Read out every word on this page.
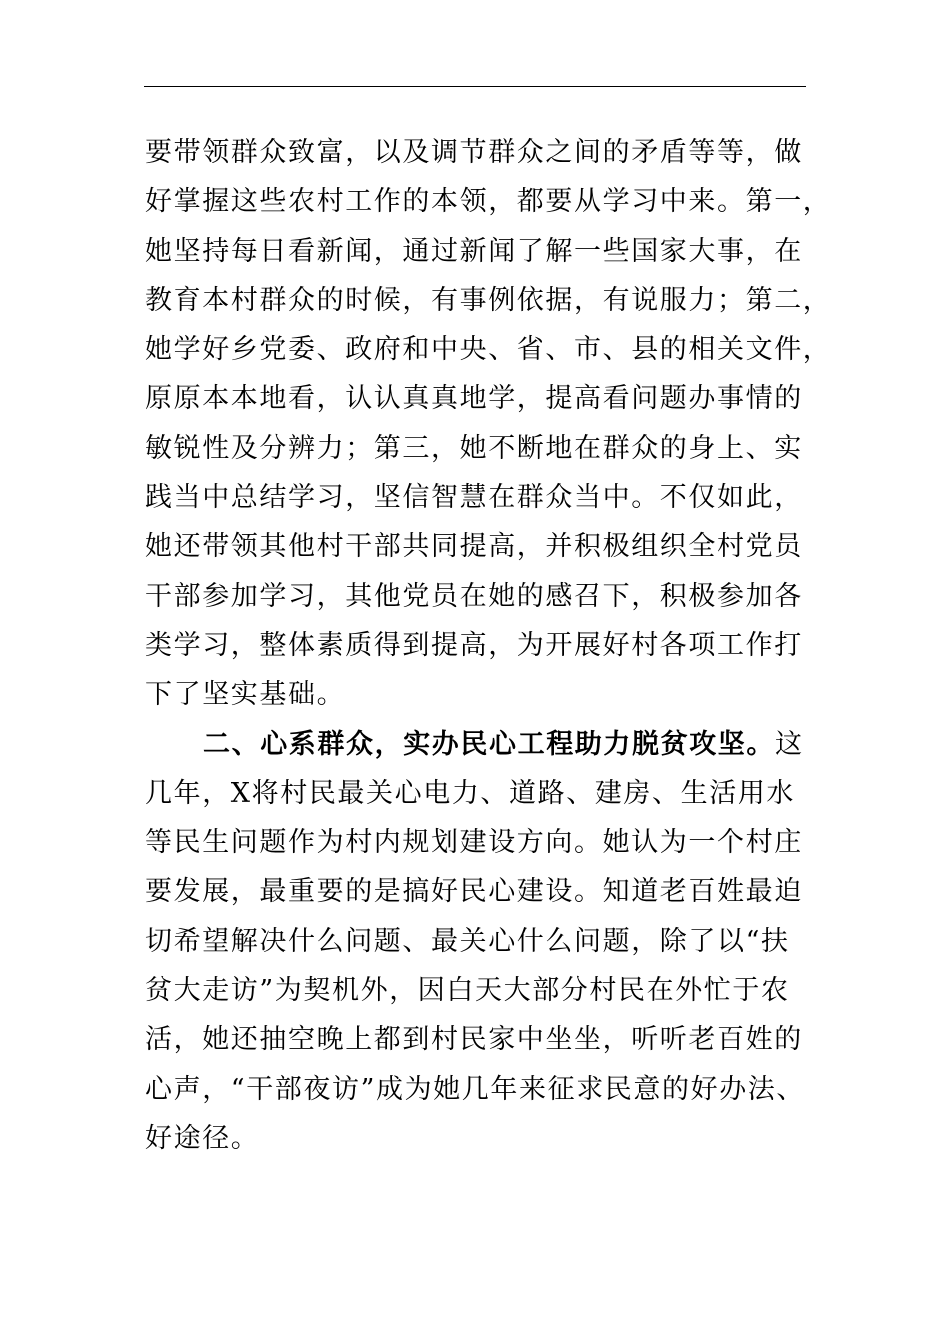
要带领群众致富，以及调节群众之间的矛盾等等，做
好掌握这些农村工作的本领，都要从学习中来。第一，
她坚持每日看新闻，通过新闻了解一些国家大事，在
教育本村群众的时候，有事例依据，有说服力；第二，
她学好乡党委、政府和中央、省、市、县的相关文件，
原原本本地看，认认真真地学，提高看问题办事情的
敏锐性及分辨力；第三，她不断地在群众的身上、实
践当中总结学习，坚信智慧在群众当中。不仅如此，
她还带领其他村干部共同提高，并积极组织全村党员
干部参加学习，其他党员在她的感召下，积极参加各
类学习，整体素质得到提高，为开展好村各项工作打
下了坚实基础。
二、心系群众，实办民心工程助力脱贫攻坚。这
几年，X将村民最关心电力、道路、建房、生活用水
等民生问题作为村内规划建设方向。她认为一个村庄
要发展，最重要的是搞好民心建设。知道老百姓最迫
切希望解决什么问题、最关心什么问题，除了以“扶
贫大走访”为契机外，因白天大部分村民在外忙于农
活，她还抽空晚上都到村民家中坐坐，听听老百姓的
心声，“干部夜访”成为她几年来征求民意的好办法、
好途径。
